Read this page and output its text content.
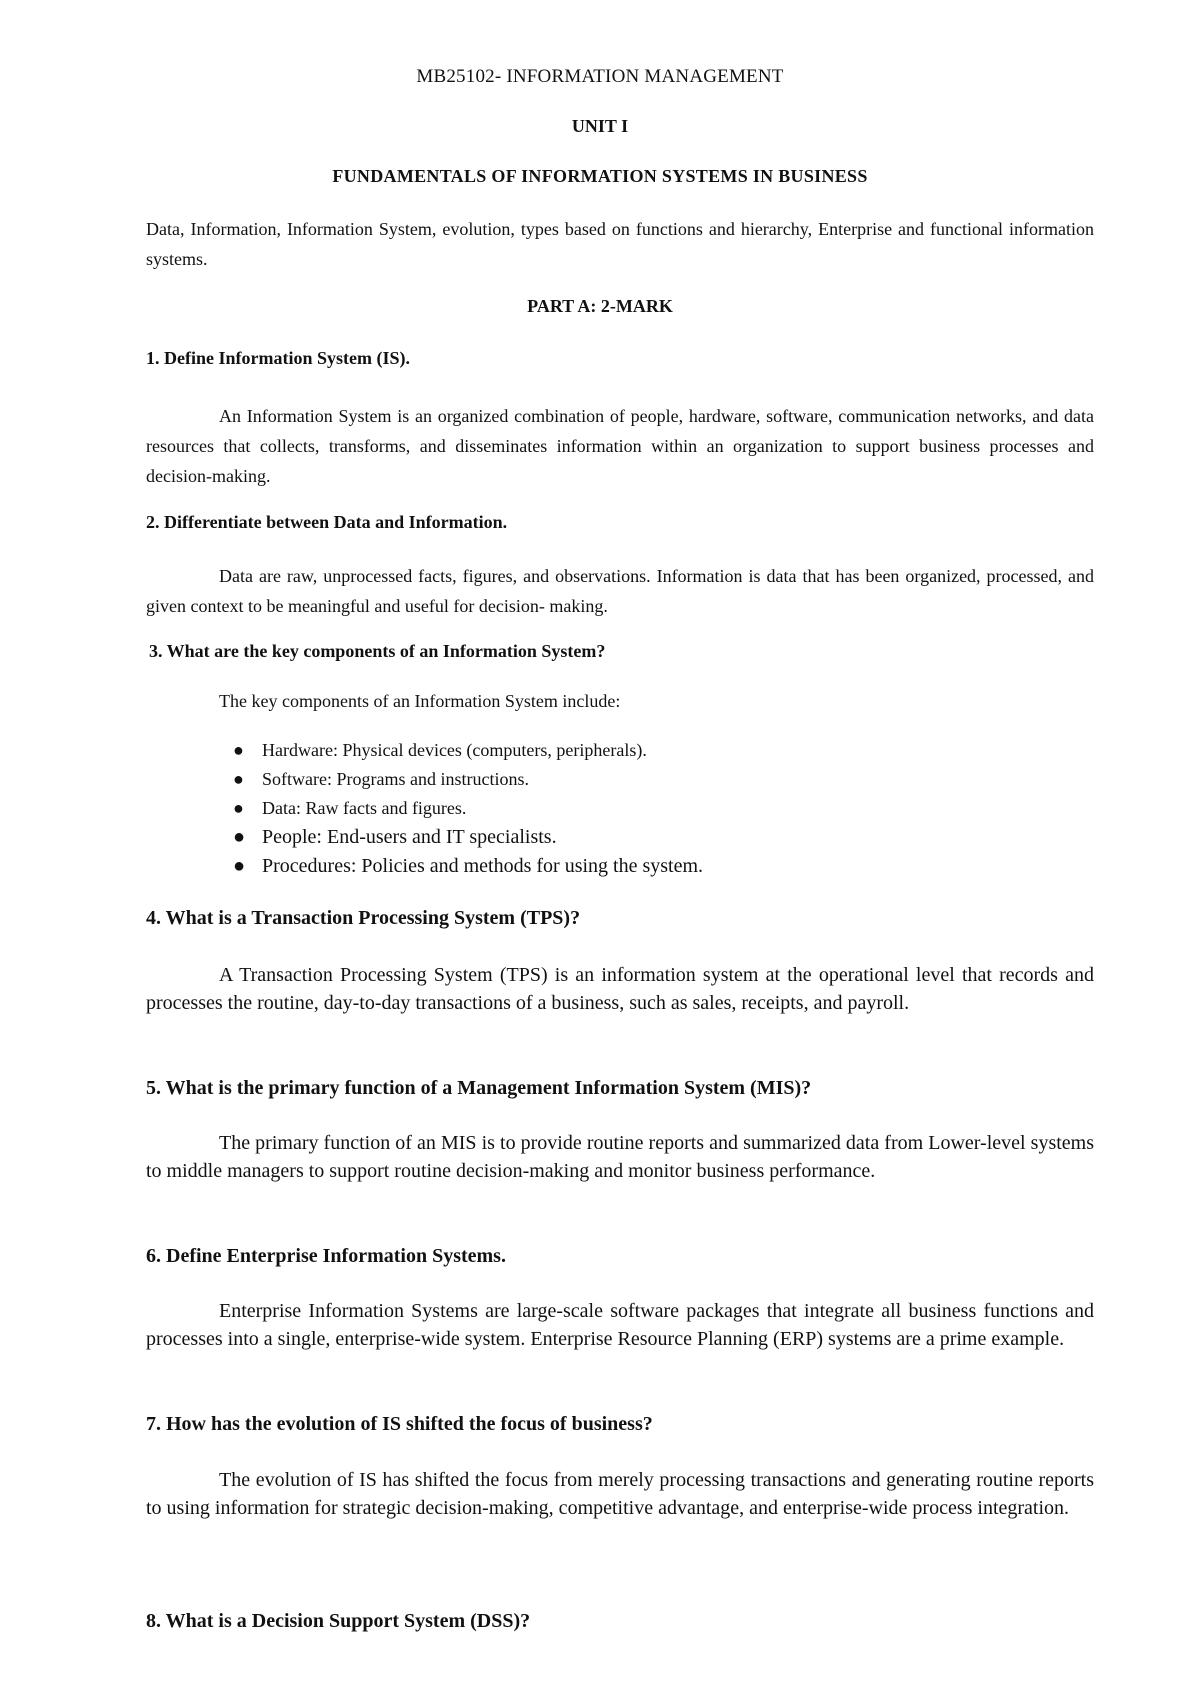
MB25102- INFORMATION MANAGEMENT

UNIT I

FUNDAMENTALS OF INFORMATION SYSTEMS IN BUSINESS

Data, Information, Information System, evolution, types based on functions and hierarchy, Enterprise and functional information systems.

PART A: 2-MARK

1. Define Information System (IS).

An Information System is an organized combination of people, hardware, software, communication networks, and data resources that collects, transforms, and disseminates information within an organization to support business processes and decision-making.

2. Differentiate between Data and Information.

Data are raw, unprocessed facts, figures, and observations. Information is data that has been organized, processed, and given context to be meaningful and useful for decision- making.

3. What are the key components of an Information System?

The key components of an Information System include:

● Hardware: Physical devices (computers, peripherals).
● Software: Programs and instructions.
● Data: Raw facts and figures.
● People: End-users and IT specialists.
● Procedures: Policies and methods for using the system.

4. What is a Transaction Processing System (TPS)?

A Transaction Processing System (TPS) is an information system at the operational level that records and processes the routine, day-to-day transactions of a business, such as sales, receipts, and payroll.

5. What is the primary function of a Management Information System (MIS)?

The primary function of an MIS is to provide routine reports and summarized data from Lower-level systems to middle managers to support routine decision-making and monitor business performance.

6. Define Enterprise Information Systems.

Enterprise Information Systems are large-scale software packages that integrate all business functions and processes into a single, enterprise-wide system. Enterprise Resource Planning (ERP) systems are a prime example.

7. How has the evolution of IS shifted the focus of business?

The evolution of IS has shifted the focus from merely processing transactions and generating routine reports to using information for strategic decision-making, competitive advantage, and enterprise-wide process integration.

8. What is a Decision Support System (DSS)?
